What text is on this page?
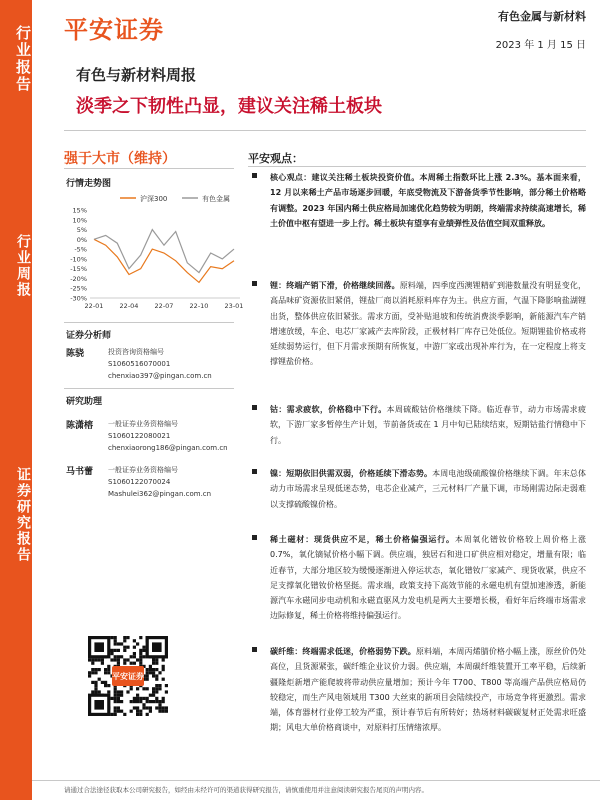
行业报告
行业周报
证券研究报告
平安证券	有色金属与新材料
2023 年 1 月 15 日
有色与新材料周报
淡季之下韧性凸显，建议关注稀土板块
强于大市（维持）
行情走势图
沪深300	有色金属
15%
10%
5%
0%
-5%
-10%
-15%
-20%
-25%
-30%
22-01 22-04 22-07 22-10 23-01
证券分析师
陈骁	投资咨询资格编号
S1060516070001
chenxiao397@pingan.com.cn
研究助理
陈潇榕 一般证券业务资格编号
S1060122080021
chenxiaorong186@pingan.com.cn
马书蕾 一般证券业务资格编号
S1060122070024
Mashulei362@pingan.com.cn
平安证券
平安观点：

核心观点：建议关注稀土板块投资价值。本周稀土指数环比上涨 2.3%。基本面来看，12 月以来稀土产品市场逐步回暖，年底受物流及下游备货季节性影响，部分稀土价格略有调整。2023 年国内稀土供应格局加速优化趋势较为明朗，终端需求持续高速增长，稀土价值中枢有望进一步上行。稀土板块有望享有业绩弹性及估值空间双重释放。

锂：终端产销下滑，价格继续回落。原料端，四季度西澳锂精矿到港数量没有明显变化，高品味矿资源依旧紧俏，锂盐厂商以消耗原料库存为主。供应方面，气温下降影响盐湖锂出货，整体供应依旧紧张。需求方面，受补贴退坡和传统消费淡季影响，新能源汽车产销增速放缓，车企、电芯厂家减产去库阶段，正极材料厂库存已处低位。短期锂盐价格或将延续弱势运行，但下月需求预期有所恢复，中游厂家或出现补库行为，在一定程度上将支撑锂盐价格。

钴：需求疲软，价格稳中下行。本周硫酸钴价格继续下降。临近春节，动力市场需求疲软，下游厂家多暂停生产计划，节前备货或在 1 月中旬已陆续结束，短期钴盐行情稳中下行。

镍：短期依旧供需双弱，价格延续下滑态势。本周电池级硫酸镍价格继续下调。年末总体动力市场需求呈现低迷态势，电芯企业减产，三元材料厂产量下调，市场刚需边际走弱难以支撑硫酸镍价格。

稀土磁材：现货供应不足，稀土价格偏强运行。本周氧化镨钕价格较上周价格上涨 0.7%，氧化镝铽价格小幅下调。供应端，独居石和进口矿供应相对稳定，增量有限；临近春节，大部分地区较为缓慢逐渐进入停运状态，氧化镨钕厂家减产、现货收紧，供应不足支撑氧化镨钕价格坚挺。需求端，政策支持下高效节能的永磁电机有望加速渗透，新能源汽车永磁同步电动机和永磁直驱风力发电机是两大主要增长极，看好年后终端市场需求边际修复，稀土价格将维持偏强运行。

碳纤维：终端需求低迷，价格弱势下跌。原料端，本周丙烯腈价格小幅上涨，原丝价仍处高位，且货源紧张，碳纤维企业议价力弱。供应端，本周碳纤维装置开工率平稳，后续新疆隆炬新增产能爬坡将带动供应量增加；预计今年 T700、T800 等高端产品供应格局仍较稳定，而生产风电领域用 T300 大丝束的新项目会陆续投产，市场竞争将更激烈。需求端，体育器材行业停工较为严重，预计春节后有所转好；热场材料碳碳复材正处需求旺盛期；风电大单价格商谈中，对原料打压情绪浓厚。

请通过合法途径获取本公司研究报告，如经由未经许可的渠道获得研究报告，请慎重使用并注意阅读研究报告尾页的声明内容。
